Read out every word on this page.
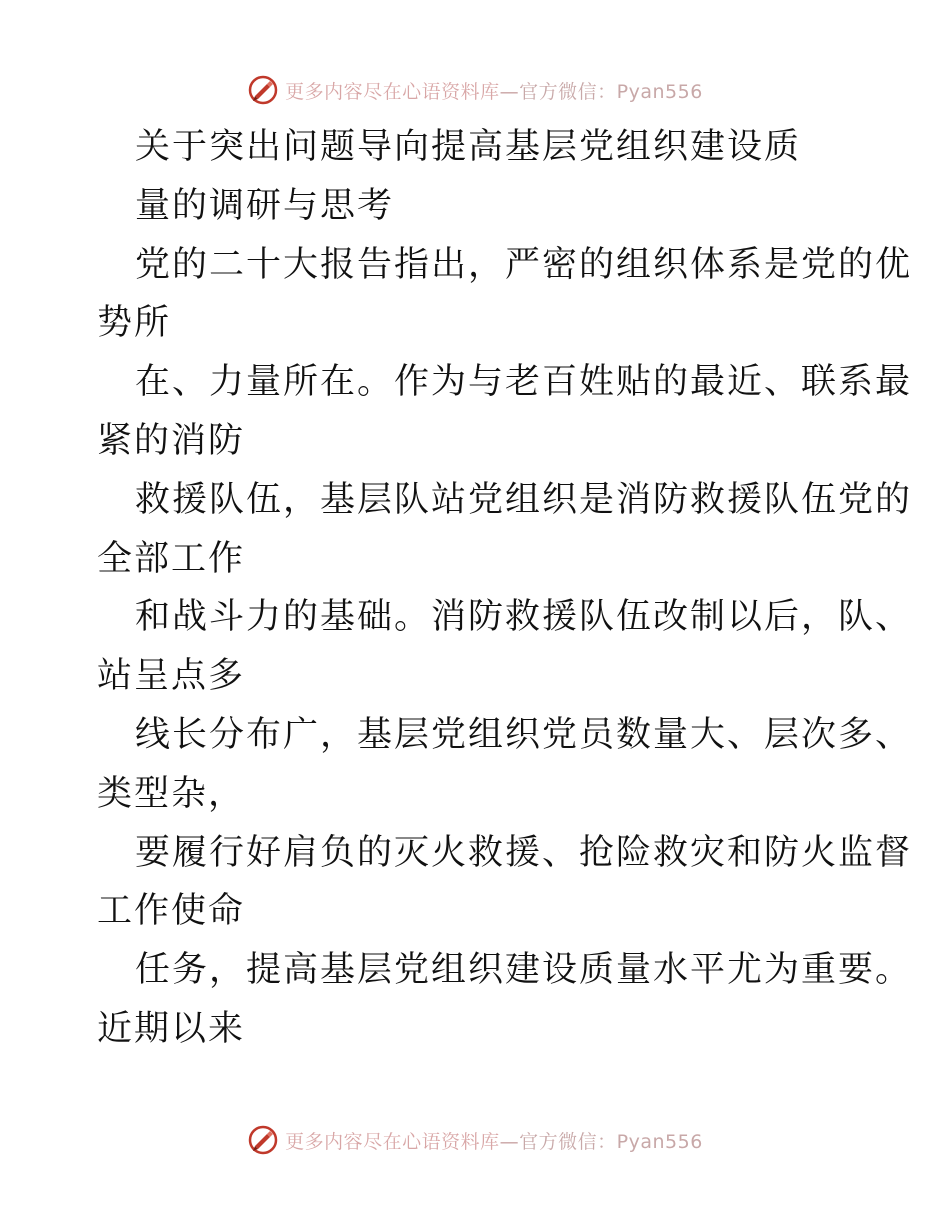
更多内容尽在心语资料库—官方微信：Pyan556
关于突出问题导向提高基层党组织建设质
量的调研与思考
党的二十大报告指出，严密的组织体系是党的优
势所
在、力量所在。作为与老百姓贴的最近、联系最
紧的消防
救援队伍，基层队站党组织是消防救援队伍党的
全部工作
和战斗力的基础。消防救援队伍改制以后，队、
站呈点多
线长分布广，基层党组织党员数量大、层次多、
类型杂，
要履行好肩负的灭火救援、抢险救灾和防火监督
工作使命
任务，提高基层党组织建设质量水平尤为重要。
近期以来
更多内容尽在心语资料库—官方微信：Pyan556
